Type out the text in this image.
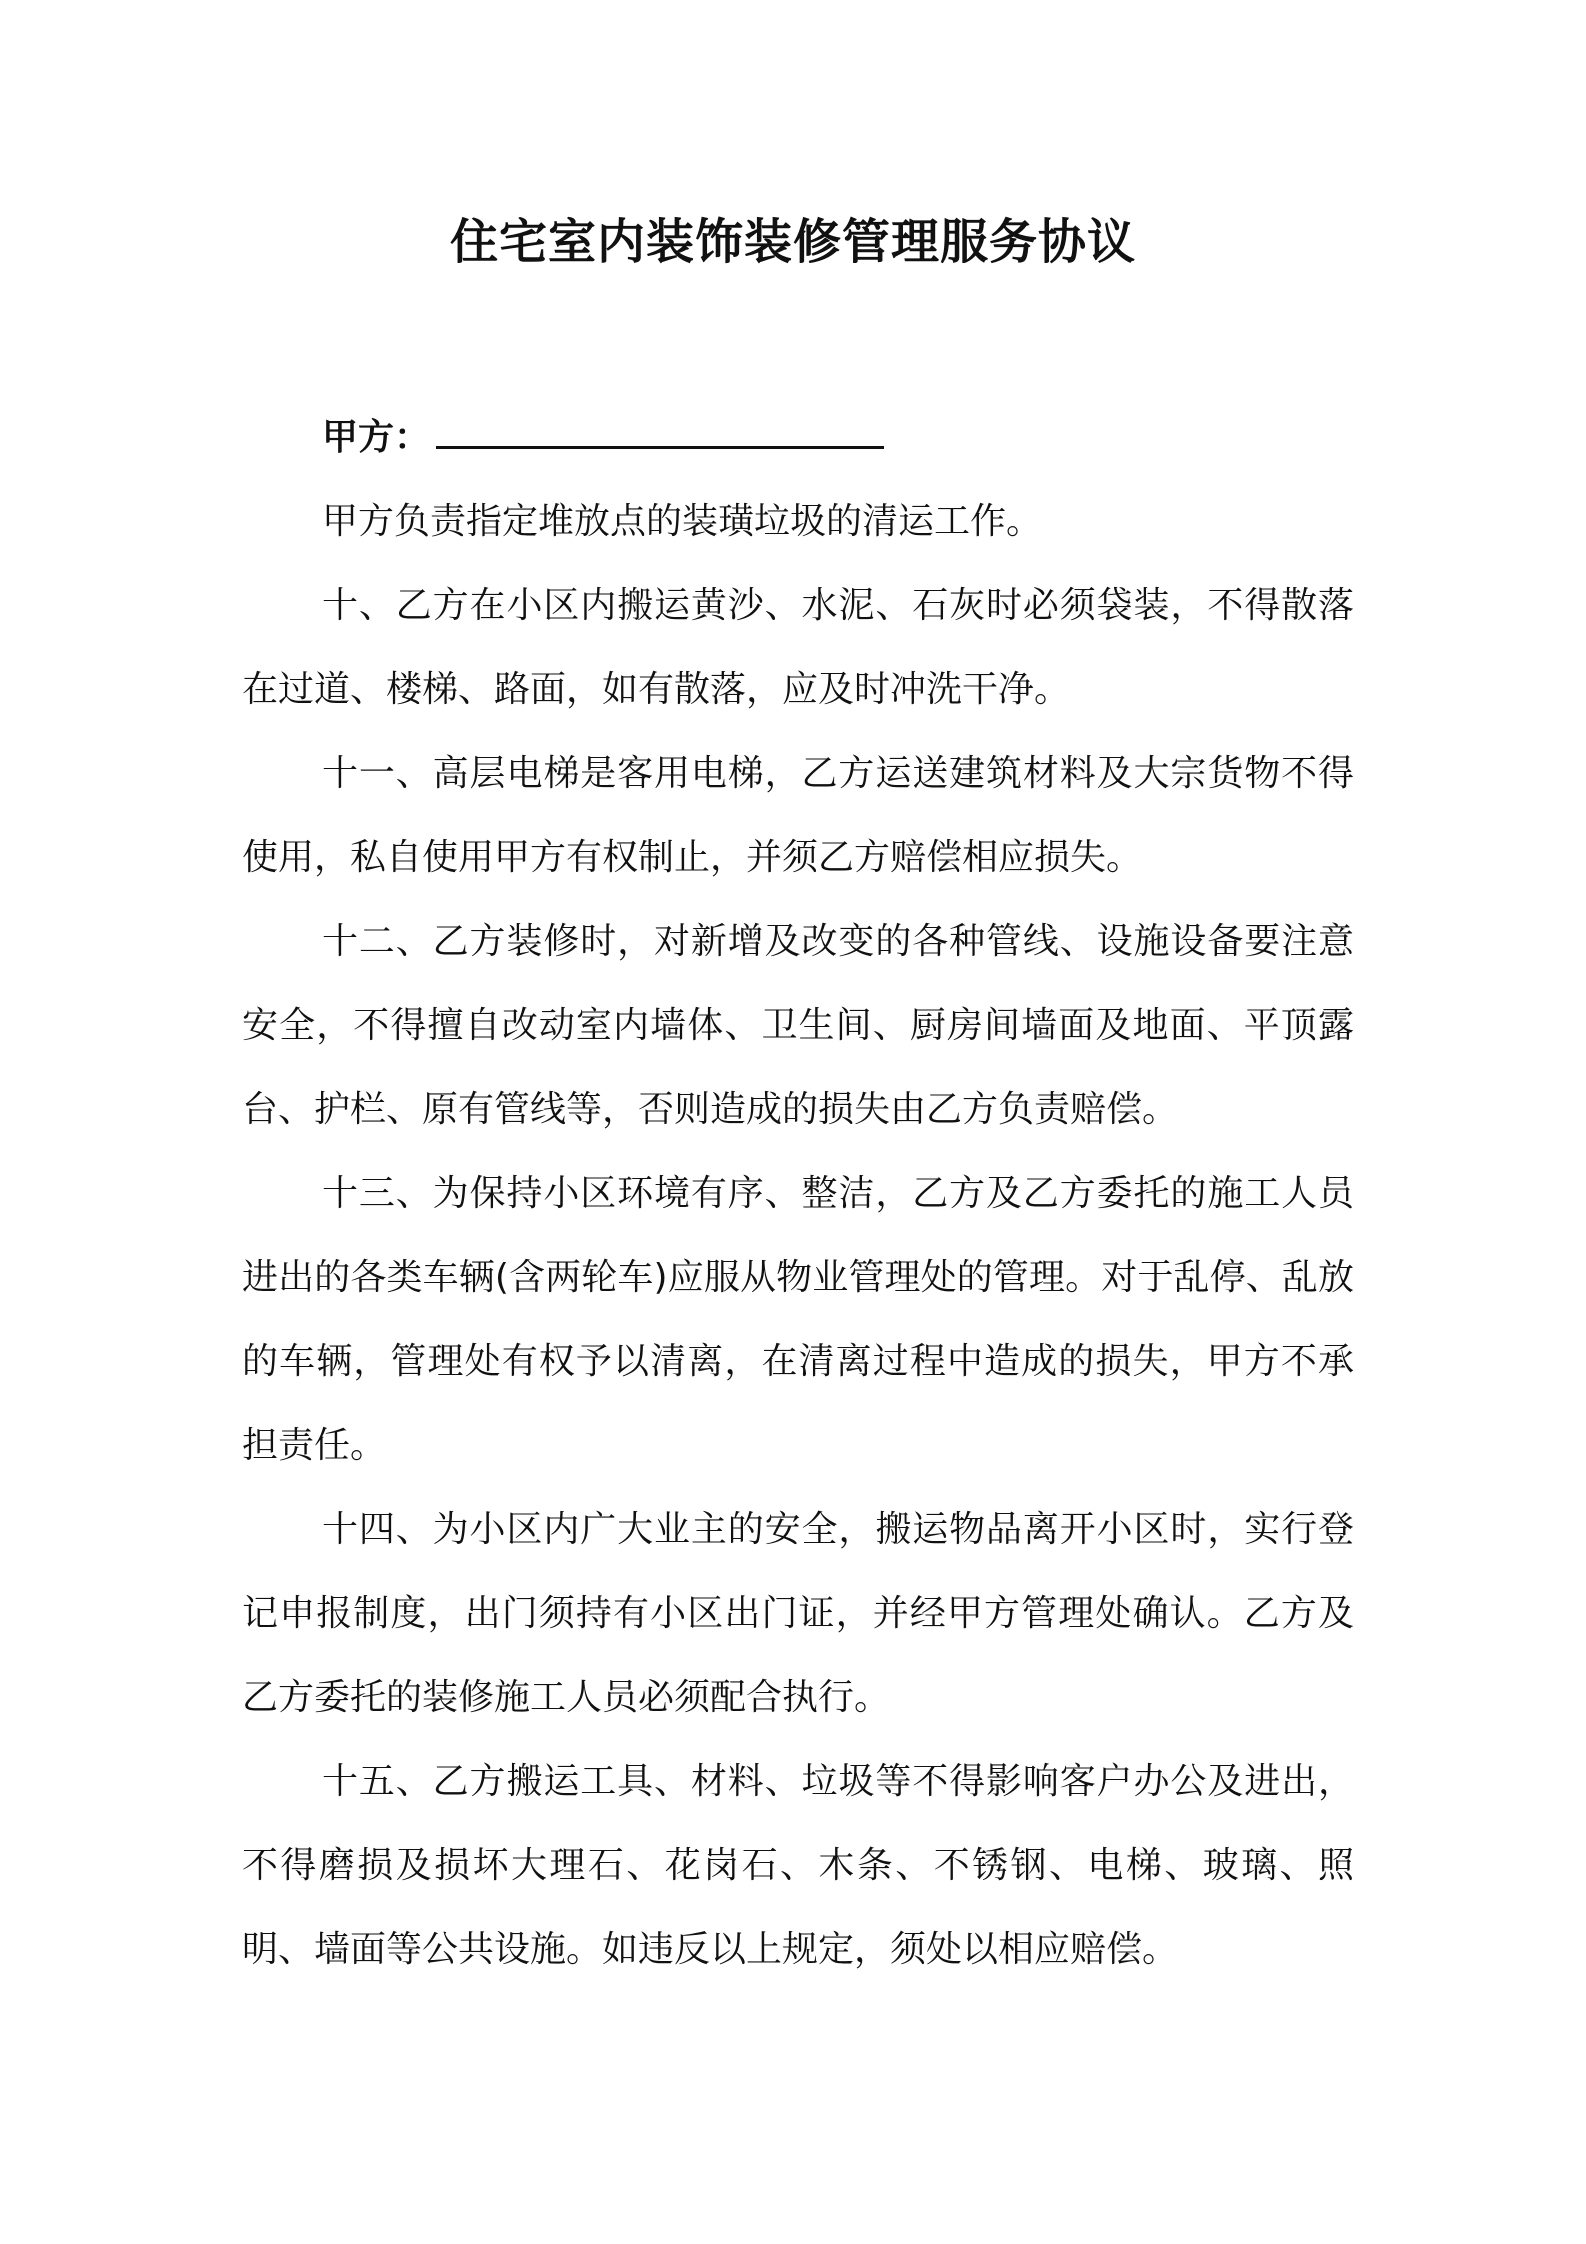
住宅室内装饰装修管理服务协议
甲方：

甲方负责指定堆放点的装璜垃圾的清运工作。

十、乙方在小区内搬运黄沙、水泥、石灰时必须袋装，不得散落在过道、楼梯、路面，如有散落，应及时冲洗干净。

十一、高层电梯是客用电梯，乙方运送建筑材料及大宗货物不得使用，私自使用甲方有权制止，并须乙方赔偿相应损失。

十二、乙方装修时，对新增及改变的各种管线、设施设备要注意安全，不得擅自改动室内墙体、卫生间、厨房间墙面及地面、平顶露台、护栏、原有管线等，否则造成的损失由乙方负责赔偿。

十三、为保持小区环境有序、整洁，乙方及乙方委托的施工人员进出的各类车辆(含两轮车)应服从物业管理处的管理。对于乱停、乱放的车辆，管理处有权予以清离，在清离过程中造成的损失，甲方不承担责任。

十四、为小区内广大业主的安全，搬运物品离开小区时，实行登记申报制度，出门须持有小区出门证，并经甲方管理处确认。乙方及乙方委托的装修施工人员必须配合执行。

十五、乙方搬运工具、材料、垃圾等不得影响客户办公及进出，不得磨损及损坏大理石、花岗石、木条、不锈钢、电梯、玻璃、照明、墙面等公共设施。如违反以上规定，须处以相应赔偿。
